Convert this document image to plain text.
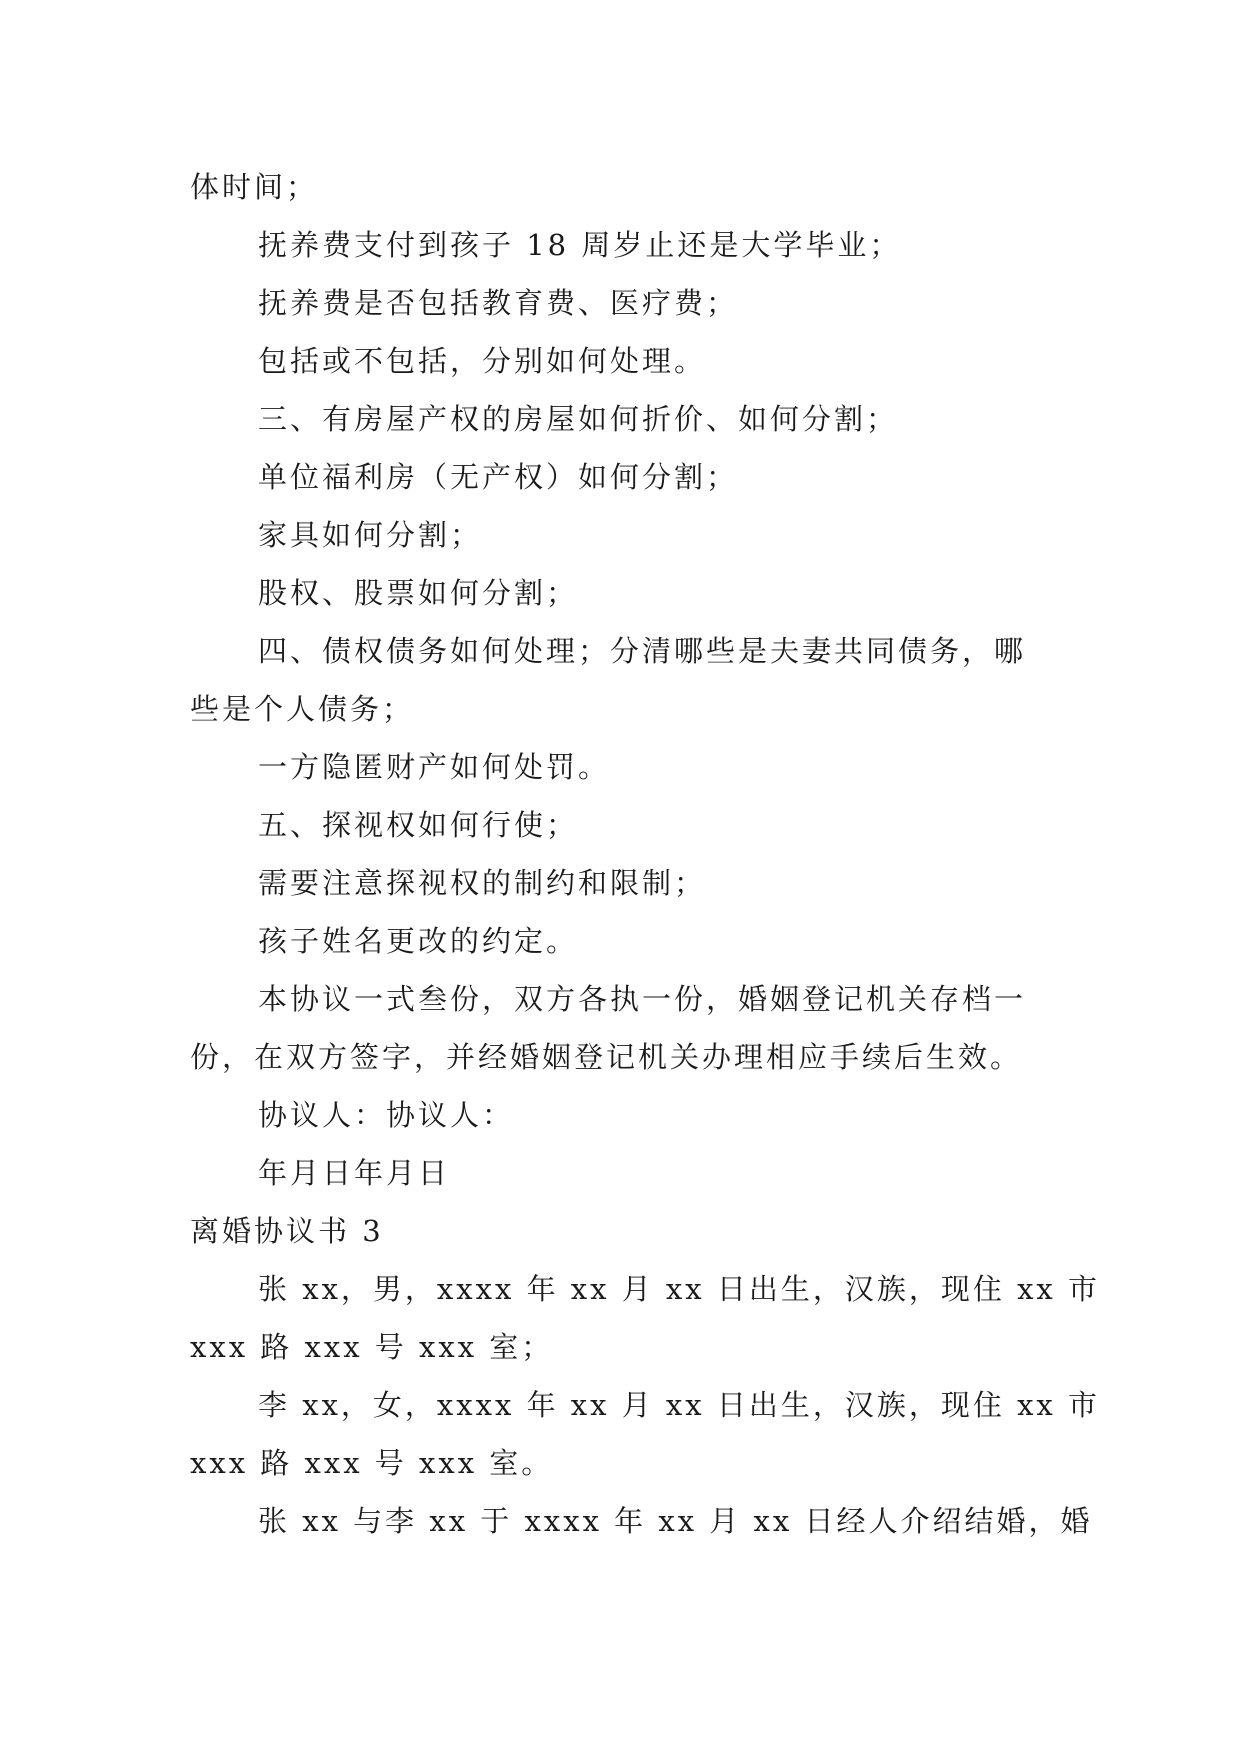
体时间；
抚养费支付到孩子 18 周岁止还是大学毕业；
抚养费是否包括教育费、医疗费；
包括或不包括，分别如何处理。
三、有房屋产权的房屋如何折价、如何分割；
单位福利房（无产权）如何分割；
家具如何分割；
股权、股票如何分割；
四、债权债务如何处理；分清哪些是夫妻共同债务，哪
些是个人债务；
一方隐匿财产如何处罚。
五、探视权如何行使；
需要注意探视权的制约和限制；
孩子姓名更改的约定。
本协议一式叁份，双方各执一份，婚姻登记机关存档一
份，在双方签字，并经婚姻登记机关办理相应手续后生效。
协议人：协议人：
年月日年月日
离婚协议书 3
张 xx，男，xxxx 年 xx 月 xx 日出生，汉族，现住 xx 市
xxx 路 xxx 号 xxx 室；
李 xx，女，xxxx 年 xx 月 xx 日出生，汉族，现住 xx 市
xxx 路 xxx 号 xxx 室。
张 xx 与李 xx 于 xxxx 年 xx 月 xx 日经人介绍结婚，婚
